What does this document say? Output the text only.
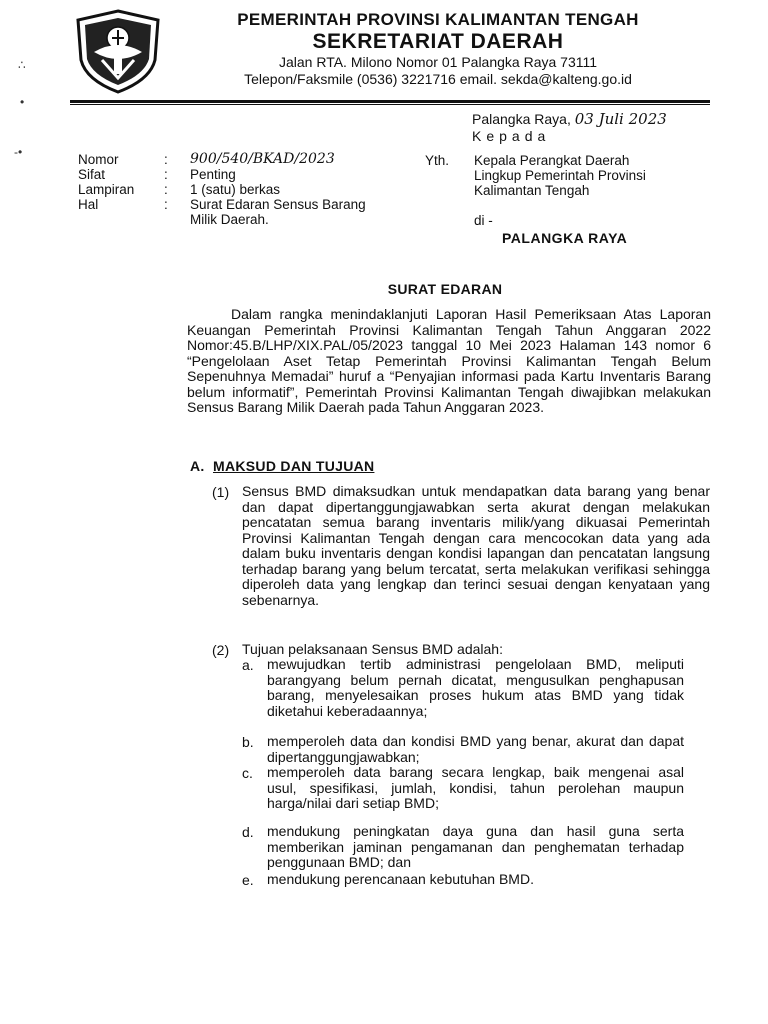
PEMERINTAH PROVINSI KALIMANTAN TENGAH
SEKRETARIAT DAERAH
Jalan RTA. Milono Nomor 01 Palangka Raya 73111
Telepon/Faksmile (0536) 3221716 email. sekda@kalteng.go.id
∴
•
-•
Palangka Raya, 03 Juli 2023
Kepada
Nomor	:	900/540/BKAD/2023
Sifat	:	Penting
Lampiran	:	1 (satu) berkas
Hal	:	Surat Edaran Sensus Barang
Milik Daerah.
Yth. Kepala Perangkat Daerah
Lingkup Pemerintah Provinsi
Kalimantan Tengah
di -
PALANGKA RAYA
SURAT EDARAN
Dalam rangka menindaklanjuti Laporan Hasil Pemeriksaan Atas Laporan Keuangan Pemerintah Provinsi Kalimantan Tengah Tahun Anggaran 2022 Nomor:45.B/LHP/XIX.PAL/05/2023 tanggal 10 Mei 2023 Halaman 143 nomor 6 “Pengelolaan Aset Tetap Pemerintah Provinsi Kalimantan Tengah Belum Sepenuhnya Memadai” huruf a “Penyajian informasi pada Kartu Inventaris Barang belum informatif”, Pemerintah Provinsi Kalimantan Tengah diwajibkan melakukan Sensus Barang Milik Daerah pada Tahun Anggaran 2023.
A. MAKSUD DAN TUJUAN
(1) Sensus BMD dimaksudkan untuk mendapatkan data barang yang benar dan dapat dipertanggungjawabkan serta akurat dengan melakukan pencatatan semua barang inventaris milik/yang dikuasai Pemerintah Provinsi Kalimantan Tengah dengan cara mencocokan data yang ada dalam buku inventaris dengan kondisi lapangan dan pencatatan langsung terhadap barang yang belum tercatat, serta melakukan verifikasi sehingga diperoleh data yang lengkap dan terinci sesuai dengan kenyataan yang sebenarnya.
(2) Tujuan pelaksanaan Sensus BMD adalah:
a. mewujudkan tertib administrasi pengelolaan BMD, meliputi barangyang belum pernah dicatat, mengusulkan penghapusan barang, menyelesaikan proses hukum atas BMD yang tidak diketahui keberadaannya;
b. memperoleh data dan kondisi BMD yang benar, akurat dan dapat dipertanggungjawabkan;
c. memperoleh data barang secara lengkap, baik mengenai asal usul, spesifikasi, jumlah, kondisi, tahun perolehan maupun harga/nilai dari setiap BMD;
d. mendukung peningkatan daya guna dan hasil guna serta memberikan jaminan pengamanan dan penghematan terhadap penggunaan BMD; dan
e. mendukung perencanaan kebutuhan BMD.
